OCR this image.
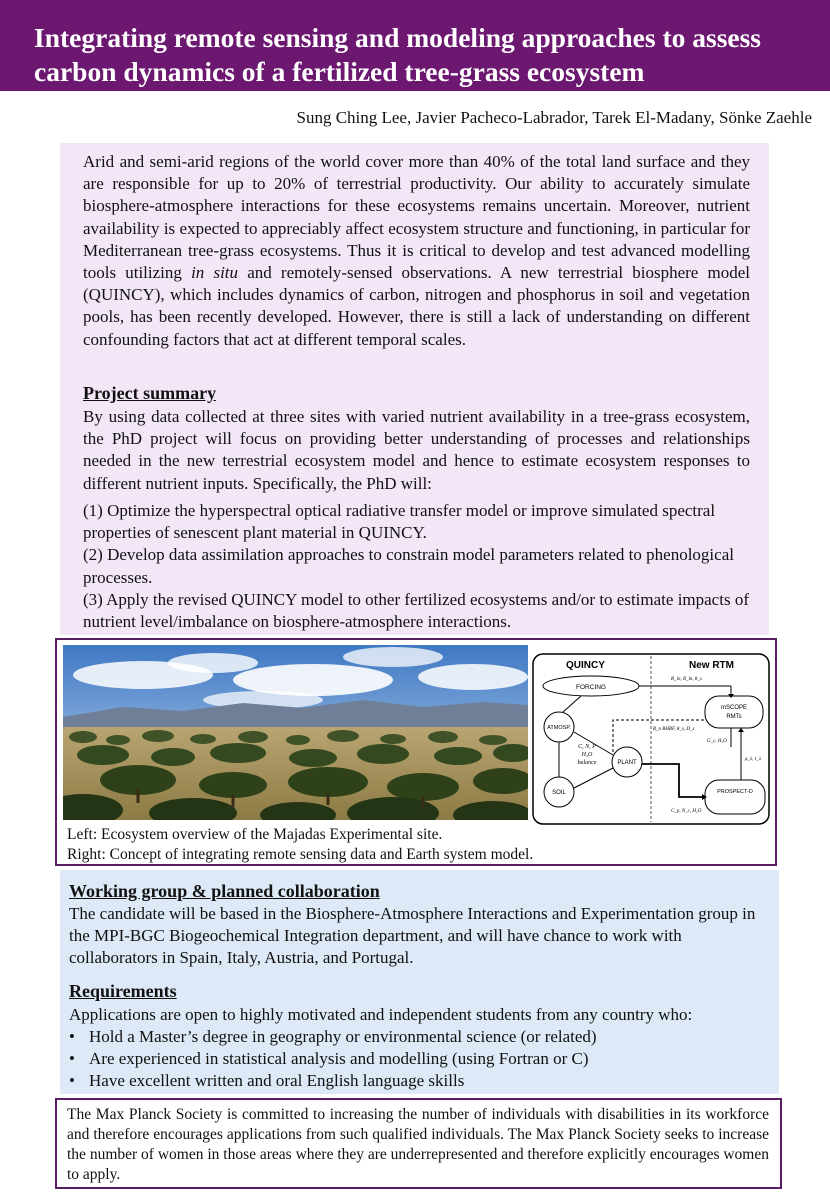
Integrating remote sensing and modeling approaches to assess
carbon dynamics of a fertilized tree-grass ecosystem
Sung Ching Lee, Javier Pacheco-Labrador, Tarek El-Madany, Sönke Zaehle
Arid and semi-arid regions of the world cover more than 40% of the total land surface and they are responsible for up to 20% of terrestrial productivity. Our ability to accurately simulate biosphere-atmosphere interactions for these ecosystems remains uncertain. Moreover, nutrient availability is expected to appreciably affect ecosystem structure and functioning, in particular for Mediterranean tree-grass ecosystems. Thus it is critical to develop and test advanced modelling tools utilizing in situ and remotely-sensed observations. A new terrestrial biosphere model (QUINCY), which includes dynamics of carbon, nitrogen and phosphorus in soil and vegetation pools, has been recently developed. However, there is still a lack of understanding on different confounding factors that act at different temporal scales.
Project summary
By using data collected at three sites with varied nutrient availability in a tree-grass ecosystem, the PhD project will focus on providing better understanding of processes and relationships needed in the new terrestrial ecosystem model and hence to estimate ecosystem responses to different nutrient inputs. Specifically, the PhD will:

(1) Optimize the hyperspectral optical radiative transfer model or improve simulated spectral properties of senescent plant material in QUINCY.

(2) Develop data assimilation approaches to constrain model parameters related to phenological processes.

(3) Apply the revised QUINCY model to other fertilized ecosystems and/or to estimate impacts of nutrient level/imbalance on biosphere-atmosphere interactions.

QUINCY	New RTM
FORCING
ATMOSP.
PLANT
SOIL
C, N, P
H₂O
balance
mSCOPE
RMTs
PROSPECT-D
R_in, R_ln, θ_s
R_n BHRF, θ_s, D_s
G_c, H₂O
C_p, N_c, H₂O
ρ_λ, τ_λ
Left: Ecosystem overview of the Majadas Experimental site.
Right: Concept of integrating remote sensing data and Earth system model.
Working group & planned collaboration
The candidate will be based in the Biosphere-Atmosphere Interactions and Experimentation group in the MPI-BGC Biogeochemical Integration department, and will have chance to work with collaborators in Spain, Italy, Austria, and Portugal.
Requirements
Applications are open to highly motivated and independent students from any country who:
• Hold a Master’s degree in geography or environmental science (or related)
• Are experienced in statistical analysis and modelling (using Fortran or C)
• Have excellent written and oral English language skills
The Max Planck Society is committed to increasing the number of individuals with disabilities in its workforce and therefore encourages applications from such qualified individuals. The Max Planck Society seeks to increase the number of women in those areas where they are underrepresented and therefore explicitly encourages women to apply.
